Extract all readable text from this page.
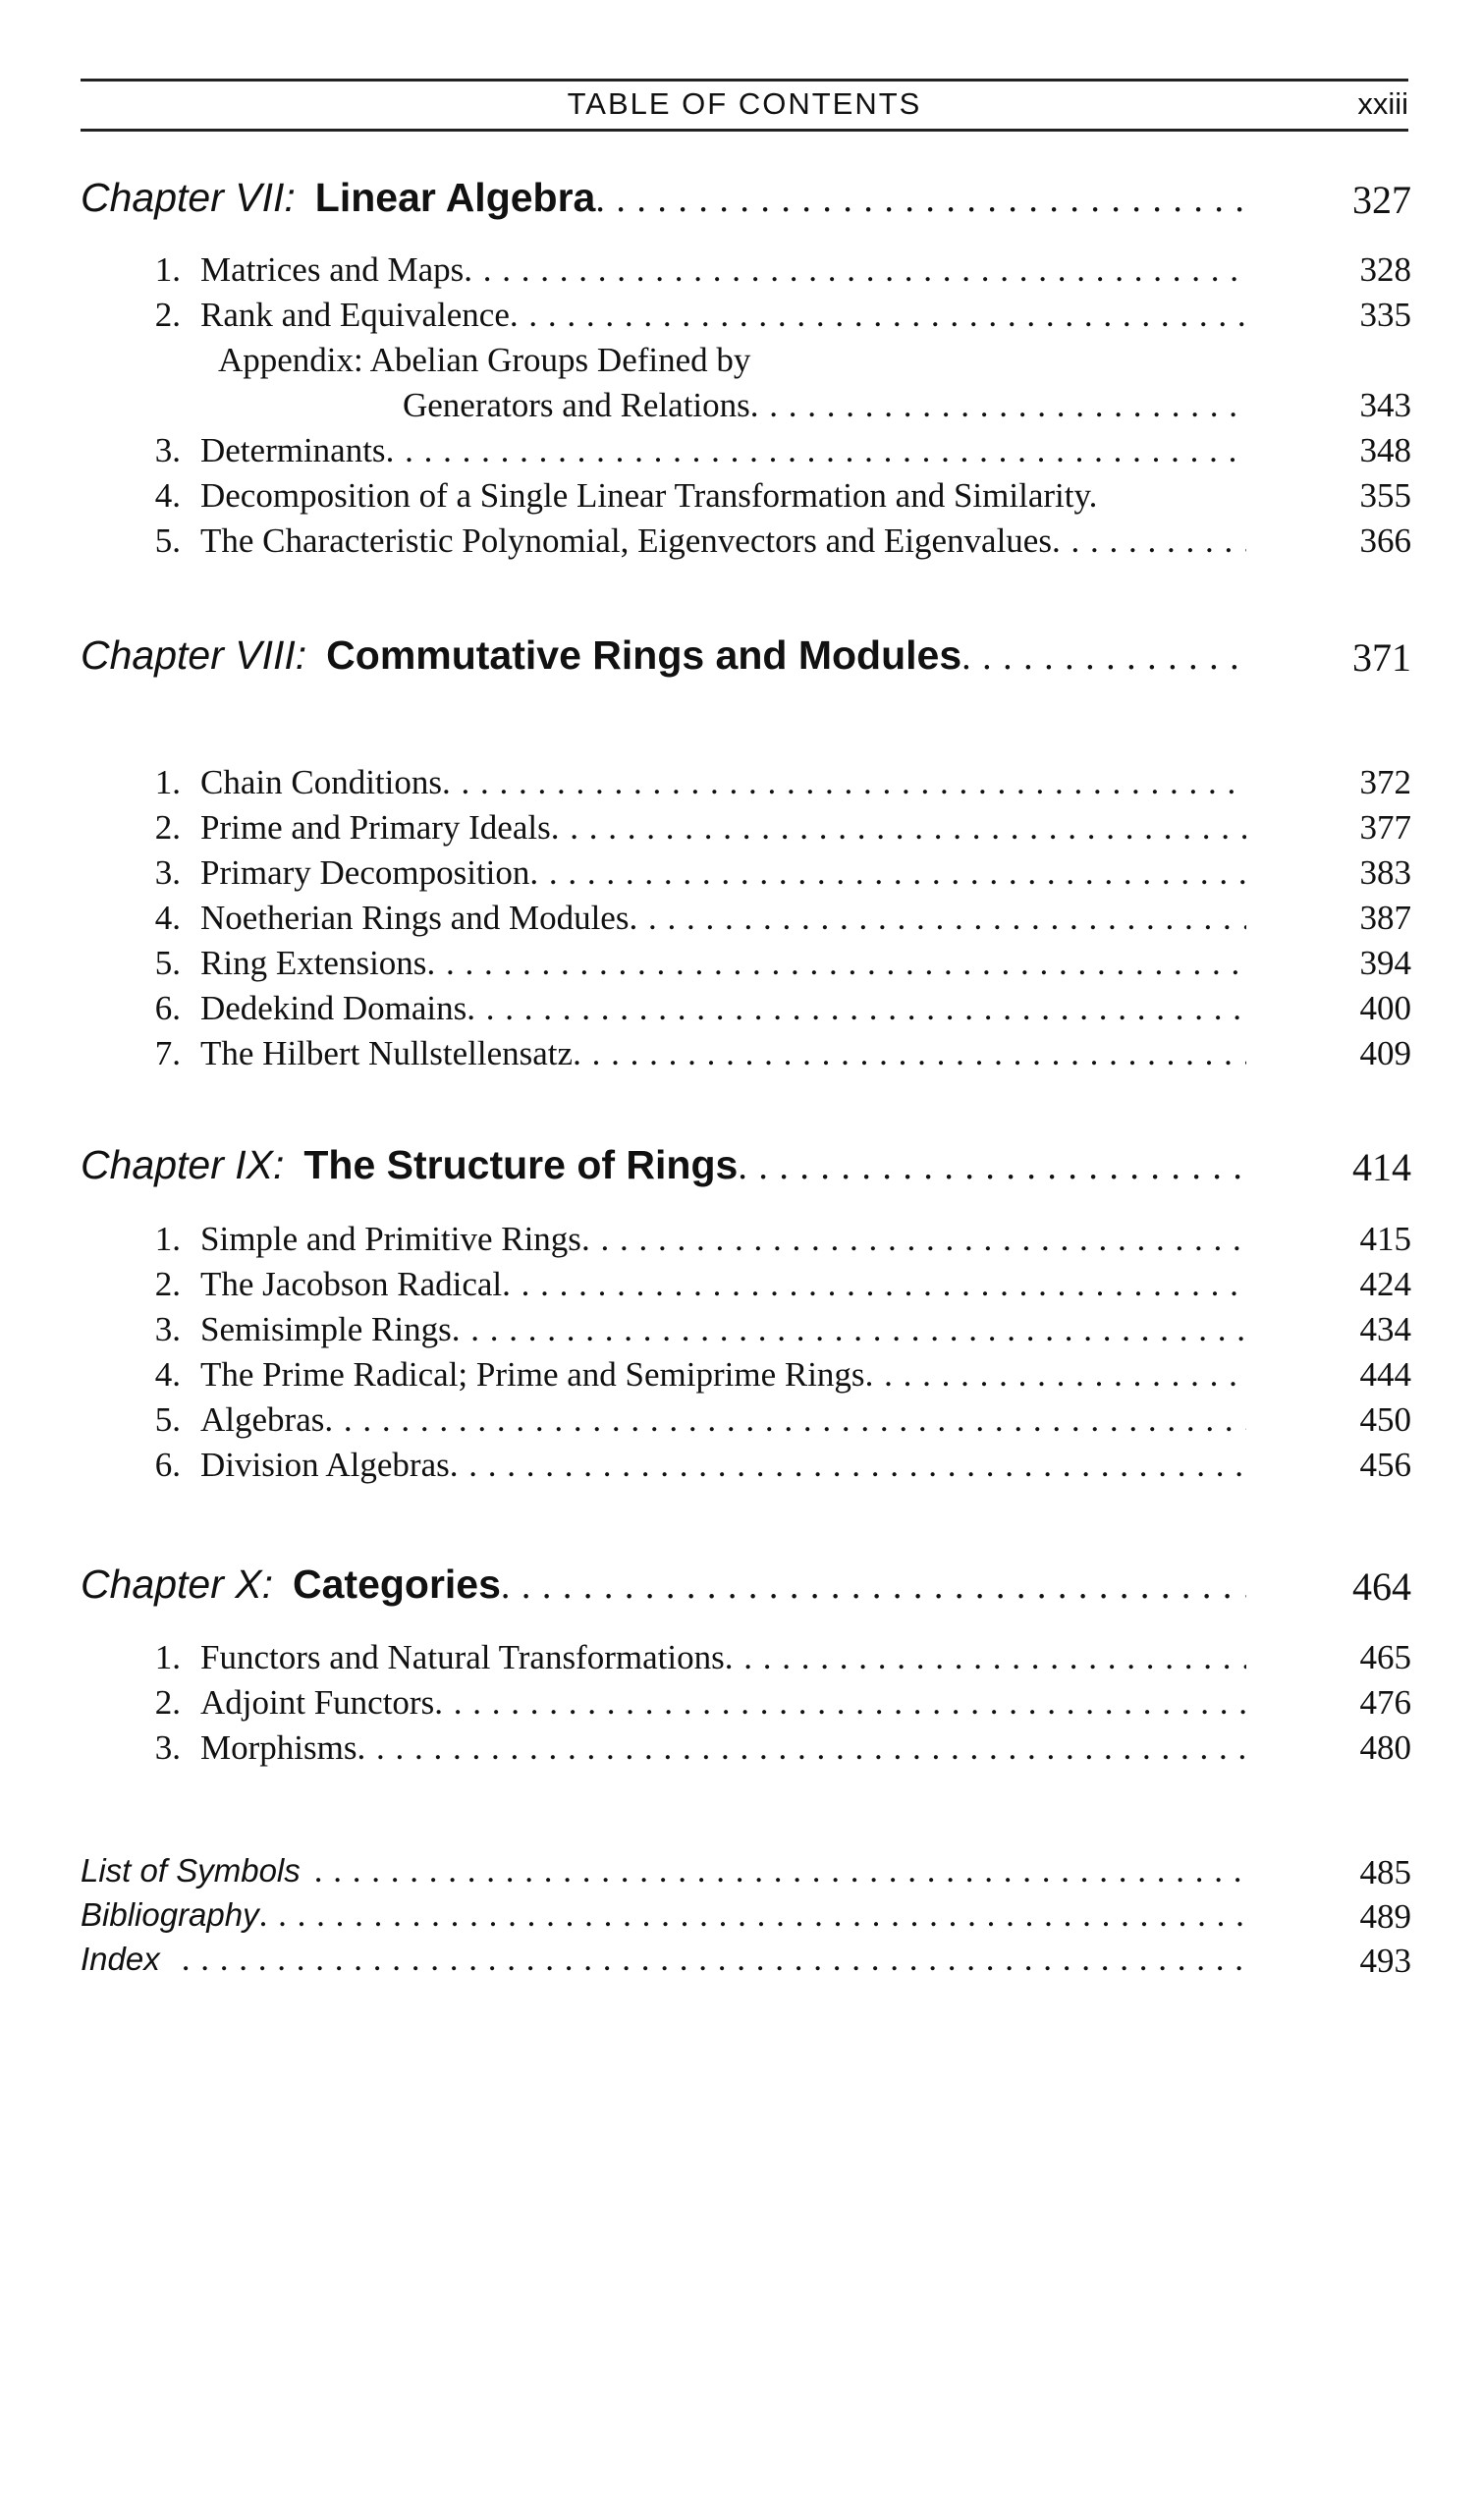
TABLE OF CONTENTS	xxiii
Chapter VII: Linear Algebra . . .	327
1. Matrices and Maps . . .	328
2. Rank and Equivalence . . .	335
Appendix: Abelian Groups Defined by
Generators and Relations . . .	343
3. Determinants . . .	348
4. Decomposition of a Single Linear Transformation and Similarity.	355
5. The Characteristic Polynomial, Eigenvectors and Eigenvalues . . .	366
Chapter VIII: Commutative Rings and Modules . . .	371
1. Chain Conditions . . .	372
2. Prime and Primary Ideals . . .	377
3. Primary Decomposition . . .	383
4. Noetherian Rings and Modules . . .	387
5. Ring Extensions . . .	394
6. Dedekind Domains . . .	400
7. The Hilbert Nullstellensatz . . .	409
Chapter IX: The Structure of Rings . . .	414
1. Simple and Primitive Rings . . .	415
2. The Jacobson Radical . . .	424
3. Semisimple Rings . . .	434
4. The Prime Radical; Prime and Semiprime Rings . . .	444
5. Algebras . . .	450
6. Division Algebras . . .	456
Chapter X: Categories . . .	464
1. Functors and Natural Transformations . . .	465
2. Adjoint Functors . . .	476
3. Morphisms . . .	480
List of Symbols . . .	485
Bibliography . . .	489
Index . . .	493
